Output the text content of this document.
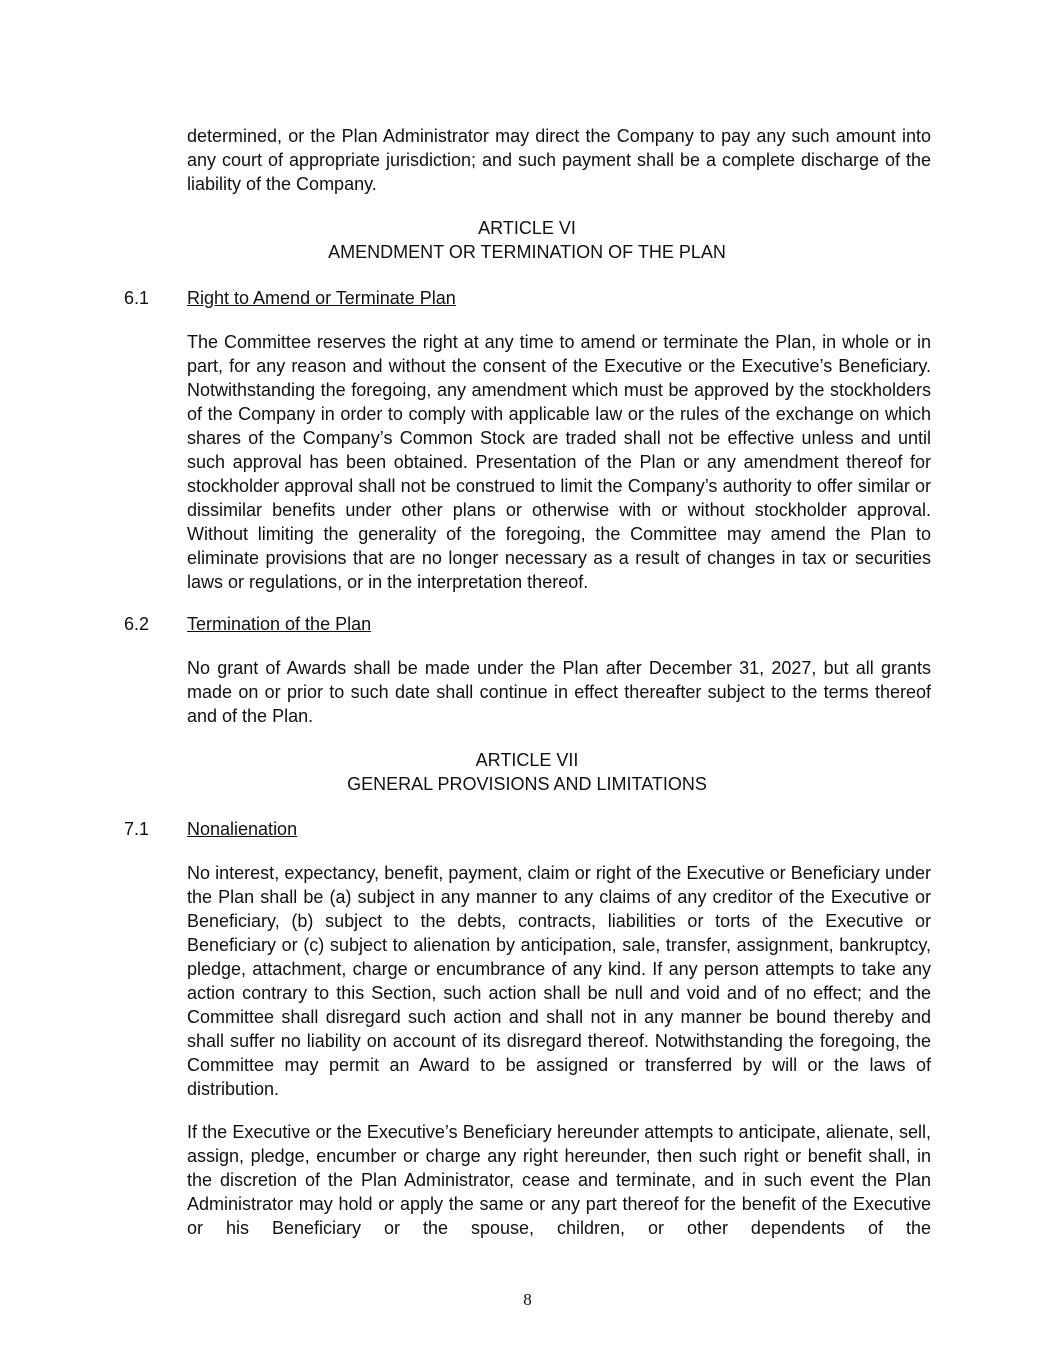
determined, or the Plan Administrator may direct the Company to pay any such amount into any court of appropriate jurisdiction; and such payment shall be a complete discharge of the liability of the Company.

ARTICLE VI

AMENDMENT OR TERMINATION OF THE PLAN

6.1 Right to Amend or Terminate Plan

The Committee reserves the right at any time to amend or terminate the Plan, in whole or in part, for any reason and without the consent of the Executive or the Executive’s Beneficiary. Notwithstanding the foregoing, any amendment which must be approved by the stockholders of the Company in order to comply with applicable law or the rules of the exchange on which shares of the Company’s Common Stock are traded shall not be effective unless and until such approval has been obtained. Presentation of the Plan or any amendment thereof for stockholder approval shall not be construed to limit the Company’s authority to offer similar or dissimilar benefits under other plans or otherwise with or without stockholder approval. Without limiting the generality of the foregoing, the Committee may amend the Plan to eliminate provisions that are no longer necessary as a result of changes in tax or securities laws or regulations, or in the interpretation thereof.

6.2 Termination of the Plan

No grant of Awards shall be made under the Plan after December 31, 2027, but all grants made on or prior to such date shall continue in effect thereafter subject to the terms thereof and of the Plan.

ARTICLE VII

GENERAL PROVISIONS AND LIMITATIONS

7.1 Nonalienation

No interest, expectancy, benefit, payment, claim or right of the Executive or Beneficiary under the Plan shall be (a) subject in any manner to any claims of any creditor of the Executive or Beneficiary, (b) subject to the debts, contracts, liabilities or torts of the Executive or Beneficiary or (c) subject to alienation by anticipation, sale, transfer, assignment, bankruptcy, pledge, attachment, charge or encumbrance of any kind. If any person attempts to take any action contrary to this Section, such action shall be null and void and of no effect; and the Committee shall disregard such action and shall not in any manner be bound thereby and shall suffer no liability on account of its disregard thereof. Notwithstanding the foregoing, the Committee may permit an Award to be assigned or transferred by will or the laws of distribution.

If the Executive or the Executive’s Beneficiary hereunder attempts to anticipate, alienate, sell, assign, pledge, encumber or charge any right hereunder, then such right or benefit shall, in the discretion of the Plan Administrator, cease and terminate, and in such event the Plan Administrator may hold or apply the same or any part thereof for the benefit of the Executive or his Beneficiary or the spouse, children, or other dependents of the

8
